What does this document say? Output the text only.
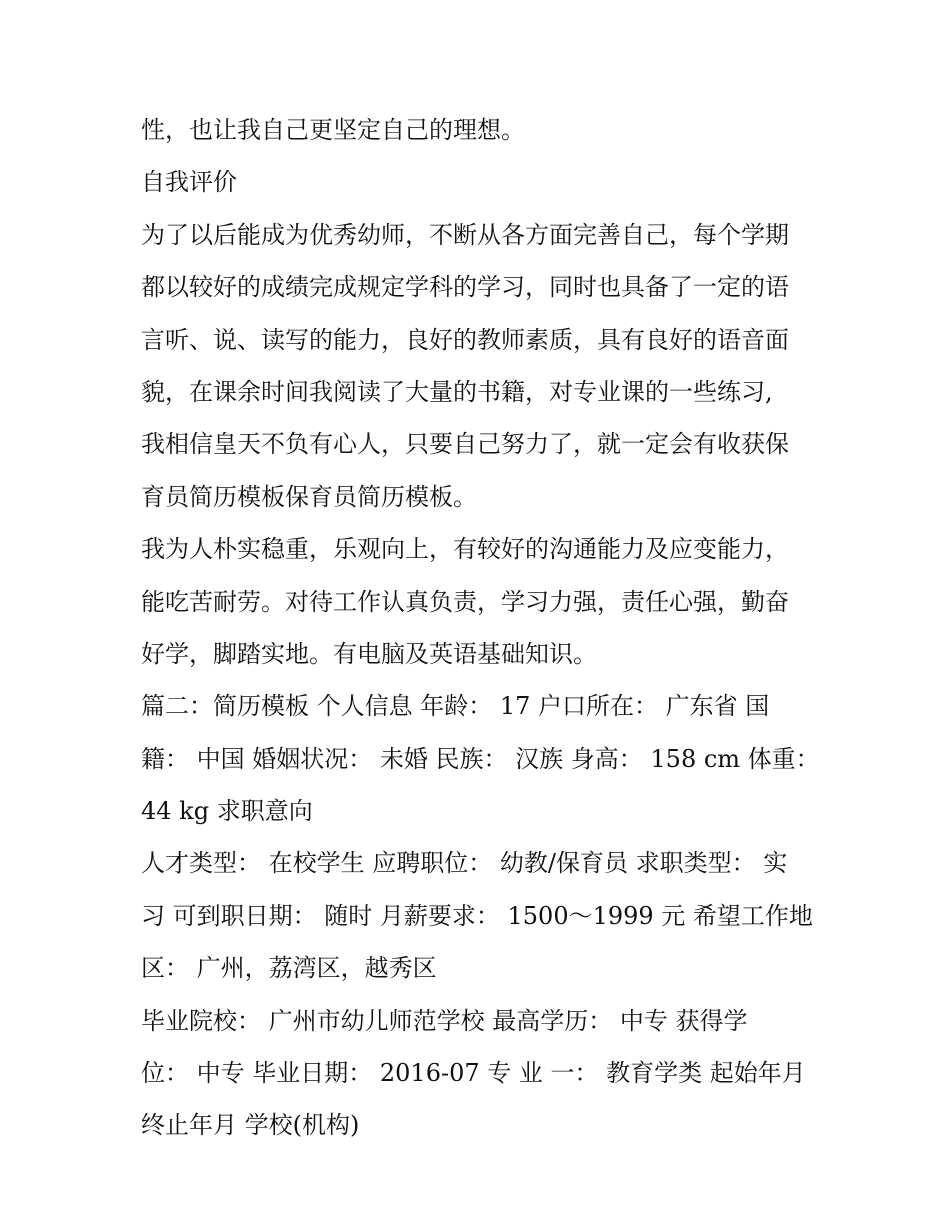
性，也让我自己更坚定自己的理想。
自我评价
为了以后能成为优秀幼师，不断从各方面完善自己，每个学期
都以较好的成绩完成规定学科的学习，同时也具备了一定的语
言听、说、读写的能力，良好的教师素质，具有良好的语音面
貌，在课余时间我阅读了大量的书籍，对专业课的一些练习,
我相信皇天不负有心人，只要自己努力了，就一定会有收获保
育员简历模板保育员简历模板。
我为人朴实稳重，乐观向上，有较好的沟通能力及应变能力，
能吃苦耐劳。对待工作认真负责，学习力强，责任心强，勤奋
好学，脚踏实地。有电脑及英语基础知识。
篇二：简历模板 个人信息 年龄： 17 户口所在： 广东省 国
籍： 中国 婚姻状况： 未婚 民族： 汉族 身高： 158 cm 体重：
44 kg 求职意向
人才类型： 在校学生 应聘职位： 幼教/保育员 求职类型： 实
习 可到职日期： 随时 月薪要求： 1500～1999 元 希望工作地
区： 广州，荔湾区，越秀区
毕业院校： 广州市幼儿师范学校 最高学历： 中专 获得学
位： 中专 毕业日期： 2016-07 专 业 一： 教育学类 起始年月
终止年月 学校(机构)
